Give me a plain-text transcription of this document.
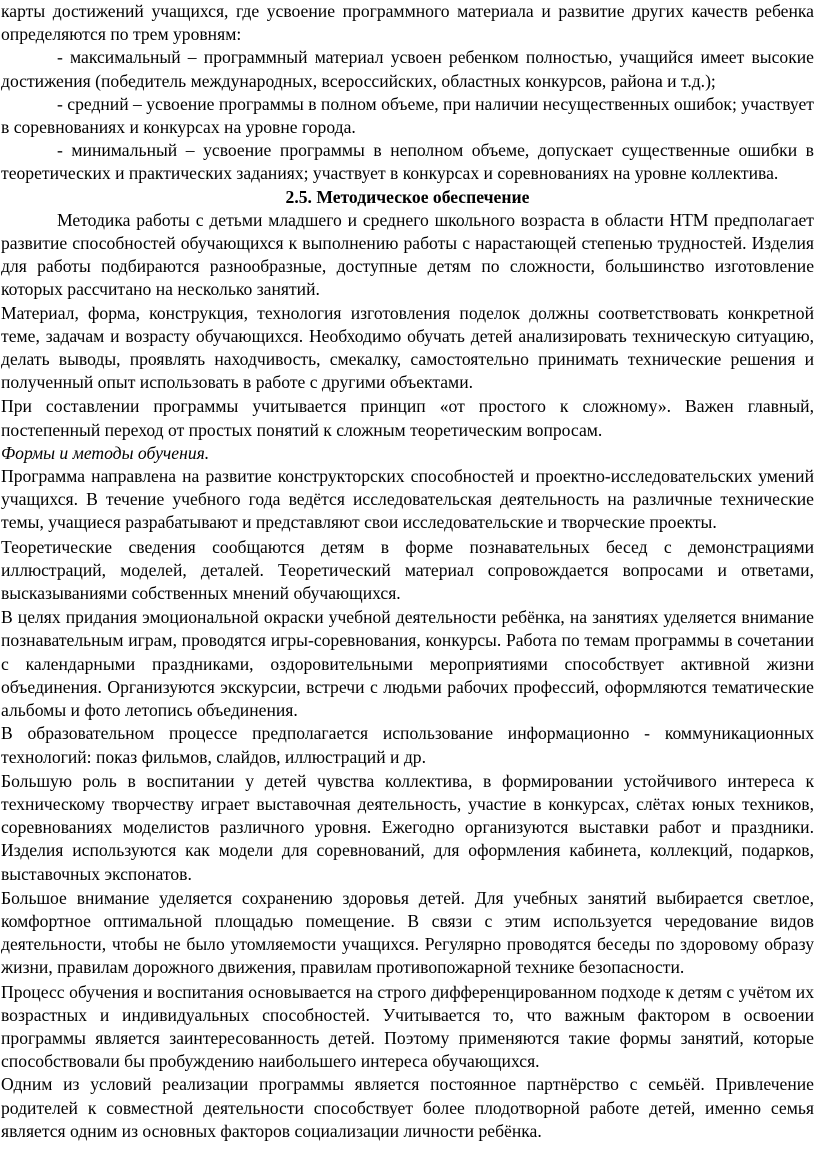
карты достижений учащихся, где усвоение программного материала и развитие других качеств ребенка определяются по трем уровням:

- максимальный – программный материал усвоен ребенком полностью, учащийся имеет высокие достижения (победитель международных, всероссийских, областных конкурсов, района и т.д.);

- средний – усвоение программы в полном объеме, при наличии несущественных ошибок; участвует в соревнованиях и конкурсах на уровне города.

- минимальный – усвоение программы в неполном объеме, допускает существенные ошибки в теоретических и практических заданиях; участвует в конкурсах и соревнованиях на уровне коллектива.

2.5. Методическое обеспечение

Методика работы с детьми младшего и среднего школьного возраста в области НТМ предполагает развитие способностей обучающихся к выполнению работы с нарастающей степенью трудностей. Изделия для работы подбираются разнообразные, доступные детям по сложности, большинство изготовление которых рассчитано на несколько занятий.

Материал, форма, конструкция, технология изготовления поделок должны соответствовать конкретной теме, задачам и возрасту обучающихся. Необходимо обучать детей анализировать техническую ситуацию, делать выводы, проявлять находчивость, смекалку, самостоятельно принимать технические решения и полученный опыт использовать в работе с другими объектами.

При составлении программы учитывается принцип «от простого к сложному». Важен главный, постепенный переход от простых понятий к сложным теоретическим вопросам.

Формы и методы обучения.

Программа направлена на развитие конструкторских способностей и проектно-исследовательских умений учащихся. В течение учебного года ведётся исследовательская деятельность на различные технические темы, учащиеся разрабатывают и представляют свои исследовательские и творческие проекты.

Теоретические сведения сообщаются детям в форме познавательных бесед с демонстрациями иллюстраций, моделей, деталей. Теоретический материал сопровождается вопросами и ответами, высказываниями собственных мнений обучающихся.

В целях придания эмоциональной окраски учебной деятельности ребёнка, на занятиях уделяется внимание познавательным играм, проводятся игры-соревнования, конкурсы. Работа по темам программы в сочетании с календарными праздниками, оздоровительными мероприятиями способствует активной жизни объединения. Организуются экскурсии, встречи с людьми рабочих профессий, оформляются тематические альбомы и фото летопись объединения.

В образовательном процессе предполагается использование информационно - коммуникационных технологий: показ фильмов, слайдов, иллюстраций и др.

Большую роль в воспитании у детей чувства коллектива, в формировании устойчивого интереса к техническому творчеству играет выставочная деятельность, участие в конкурсах, слётах юных техников, соревнованиях моделистов различного уровня. Ежегодно организуются выставки работ и праздники. Изделия используются как модели для соревнований, для оформления кабинета, коллекций, подарков, выставочных экспонатов.

Большое внимание уделяется сохранению здоровья детей. Для учебных занятий выбирается светлое, комфортное оптимальной площадью помещение. В связи с этим используется чередование видов деятельности, чтобы не было утомляемости учащихся. Регулярно проводятся беседы по здоровому образу жизни, правилам дорожного движения, правилам противопожарной технике безопасности.

Процесс обучения и воспитания основывается на строго дифференцированном подходе к детям с учётом их возрастных и индивидуальных способностей. Учитывается то, что важным фактором в освоении программы является заинтересованность детей. Поэтому применяются такие формы занятий, которые способствовали бы пробуждению наибольшего интереса обучающихся.

Одним из условий реализации программы является постоянное партнёрство с семьёй. Привлечение родителей к совместной деятельности способствует более плодотворной работе детей, именно семья является одним из основных факторов социализации личности ребёнка.
